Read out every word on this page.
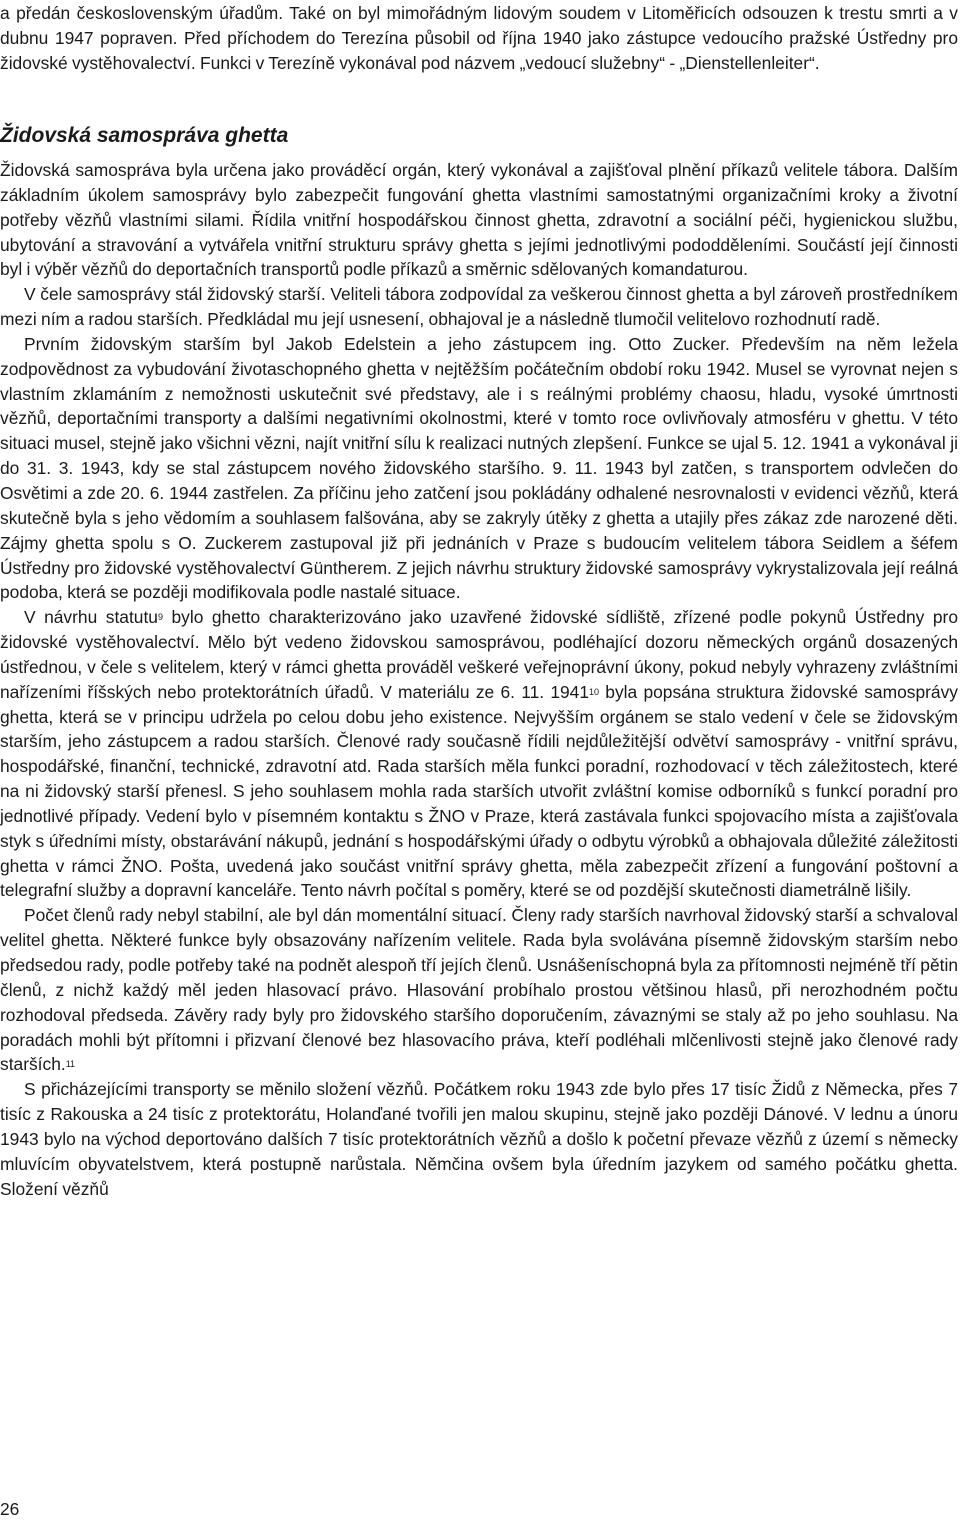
a předán československým úřadům. Také on byl mimořádným lidovým soudem v Litoměřicích odsouzen k trestu smrti a v dubnu 1947 popraven. Před příchodem do Terezína působil od října 1940 jako zástupce vedoucího pražské Ústředny pro židovské vystěhovalectví. Funkci v Terezíně vykonával pod názvem „vedoucí služebny“ - „Dienstellenleiter“.

Židovská samospráva ghetta

Židovská samospráva byla určena jako prováděcí orgán, který vykonával a zajišťoval plnění příkazů velitele tábora. Dalším základním úkolem samosprávy bylo zabezpečit fungování ghetta vlastními samostatnými organizačními kroky a životní potřeby vězňů vlastními silami. Řídila vnitřní hospodářskou činnost ghetta, zdravotní a sociální péči, hygienickou službu, ubytování a stravování a vytvářela vnitřní strukturu správy ghetta s jejími jednotlivými pododděleními. Součástí její činnosti byl i výběr vězňů do deportačních transportů podle příkazů a směrnic sdělovaných komandaturou.

V čele samosprávy stál židovský starší. Veliteli tábora zodpovídal za veškerou činnost ghetta a byl zároveň prostředníkem mezi ním a radou starších. Předkládal mu její usnesení, obhajoval je a následně tlumočil velitelovo rozhodnutí radě.

Prvním židovským starším byl Jakob Edelstein a jeho zástupcem ing. Otto Zucker. Především na něm ležela zodpovědnost za vybudování životaschopného ghetta v nejtěžším počátečním období roku 1942. Musel se vyrovnat nejen s vlastním zklamáním z nemožnosti uskutečnit své představy, ale i s reálnými problémy chaosu, hladu, vysoké úmrtnosti vězňů, deportačními transporty a dalšími negativními okolnostmi, které v tomto roce ovlivňovaly atmosféru v ghettu. V této situaci musel, stejně jako všichni vězni, najít vnitřní sílu k realizaci nutných zlepšení. Funkce se ujal 5. 12. 1941 a vykonával ji do 31. 3. 1943, kdy se stal zástupcem nového židovského staršího. 9. 11. 1943 byl zatčen, s transportem odvlečen do Osvětimi a zde 20. 6. 1944 zastřelen. Za příčinu jeho zatčení jsou pokládány odhalené nesrovnalosti v evidenci vězňů, která skutečně byla s jeho vědomím a souhlasem falšována, aby se zakryly útěky z ghetta a utajily přes zákaz zde narozené děti. Zájmy ghetta spolu s O. Zuckerem zastupoval již při jednáních v Praze s budoucím velitelem tábora Seidlem a šéfem Ústředny pro židovské vystěhovalectví Güntherem. Z jejich návrhu struktury židovské samosprávy vykrystalizovala její reálná podoba, která se později modifikovala podle nastalé situace.

V návrhu statutu$^9$ bylo ghetto charakterizováno jako uzavřené židovské sídliště, zřízené podle pokynů Ústředny pro židovské vystěhovalectví. Mělo být vedeno židovskou samosprávou, podléhající dozoru německých orgánů dosazených ústřednou, v čele s velitelem, který v rámci ghetta prováděl veškeré veřejnoprávní úkony, pokud nebyly vyhrazeny zvláštními nařízeními říšských nebo protektorátních úřadů. V materiálu ze 6. 11. 1941$^{10}$ byla popsána struktura židovské samosprávy ghetta, která se v principu udržela po celou dobu jeho existence. Nejvyšším orgánem se stalo vedení v čele se židovským starším, jeho zástupcem a radou starších. Členové rady současně řídili nejdůležitější odvětví samosprávy - vnitřní správu, hospodářské, finanční, technické, zdravotní atd. Rada starších měla funkci poradní, rozhodovací v těch záležitostech, které na ni židovský starší přenesl. S jeho souhlasem mohla rada starších utvořit zvláštní komise odborníků s funkcí poradní pro jednotlivé případy. Vedení bylo v písemném kontaktu s ŽNO v Praze, která zastávala funkci spojovacího místa a zajišťovala styk s úředními místy, obstarávání nákupů, jednání s hospodářskými úřady o odbytu výrobků a obhajovala důležité záležitosti ghetta v rámci ŽNO. Pošta, uvedená jako součást vnitřní správy ghetta, měla zabezpečit zřízení a fungování poštovní a telegrafní služby a dopravní kanceláře. Tento návrh počítal s poměry, které se od pozdější skutečnosti diametrálně lišily.

Počet členů rady nebyl stabilní, ale byl dán momentální situací. Členy rady starších navrhoval židovský starší a schvaloval velitel ghetta. Některé funkce byly obsazovány nařízením velitele. Rada byla svolávána písemně židovským starším nebo předsedou rady, podle potřeby také na podnět alespoň tří jejích členů. Usnášeníschopná byla za přítomnosti nejméně tří pětin členů, z nichž každý měl jeden hlasovací právo. Hlasování probíhalo prostou většinou hlasů, při nerozhodném počtu rozhodoval předseda. Závěry rady byly pro židovského staršího doporučením, závaznými se staly až po jeho souhlasu. Na poradách mohli být přítomni i přizvaní členové bez hlasovacího práva, kteří podléhali mlčenlivosti stejně jako členové rady starších.$^{11}$

S přicházejícími transporty se měnilo složení vězňů. Počátkem roku 1943 zde bylo přes 17 tisíc Židů z Německa, přes 7 tisíc z Rakouska a 24 tisíc z protektorátu, Holanďané tvořili jen malou skupinu, stejně jako později Dánové. V lednu a únoru 1943 bylo na východ deportováno dalších 7 tisíc protektorátních vězňů a došlo k početní převaze vězňů z území s německy mluvícím obyvatelstvem, která postupně narůstala. Němčina ovšem byla úředním jazykem od samého počátku ghetta. Složení vězňů

26
